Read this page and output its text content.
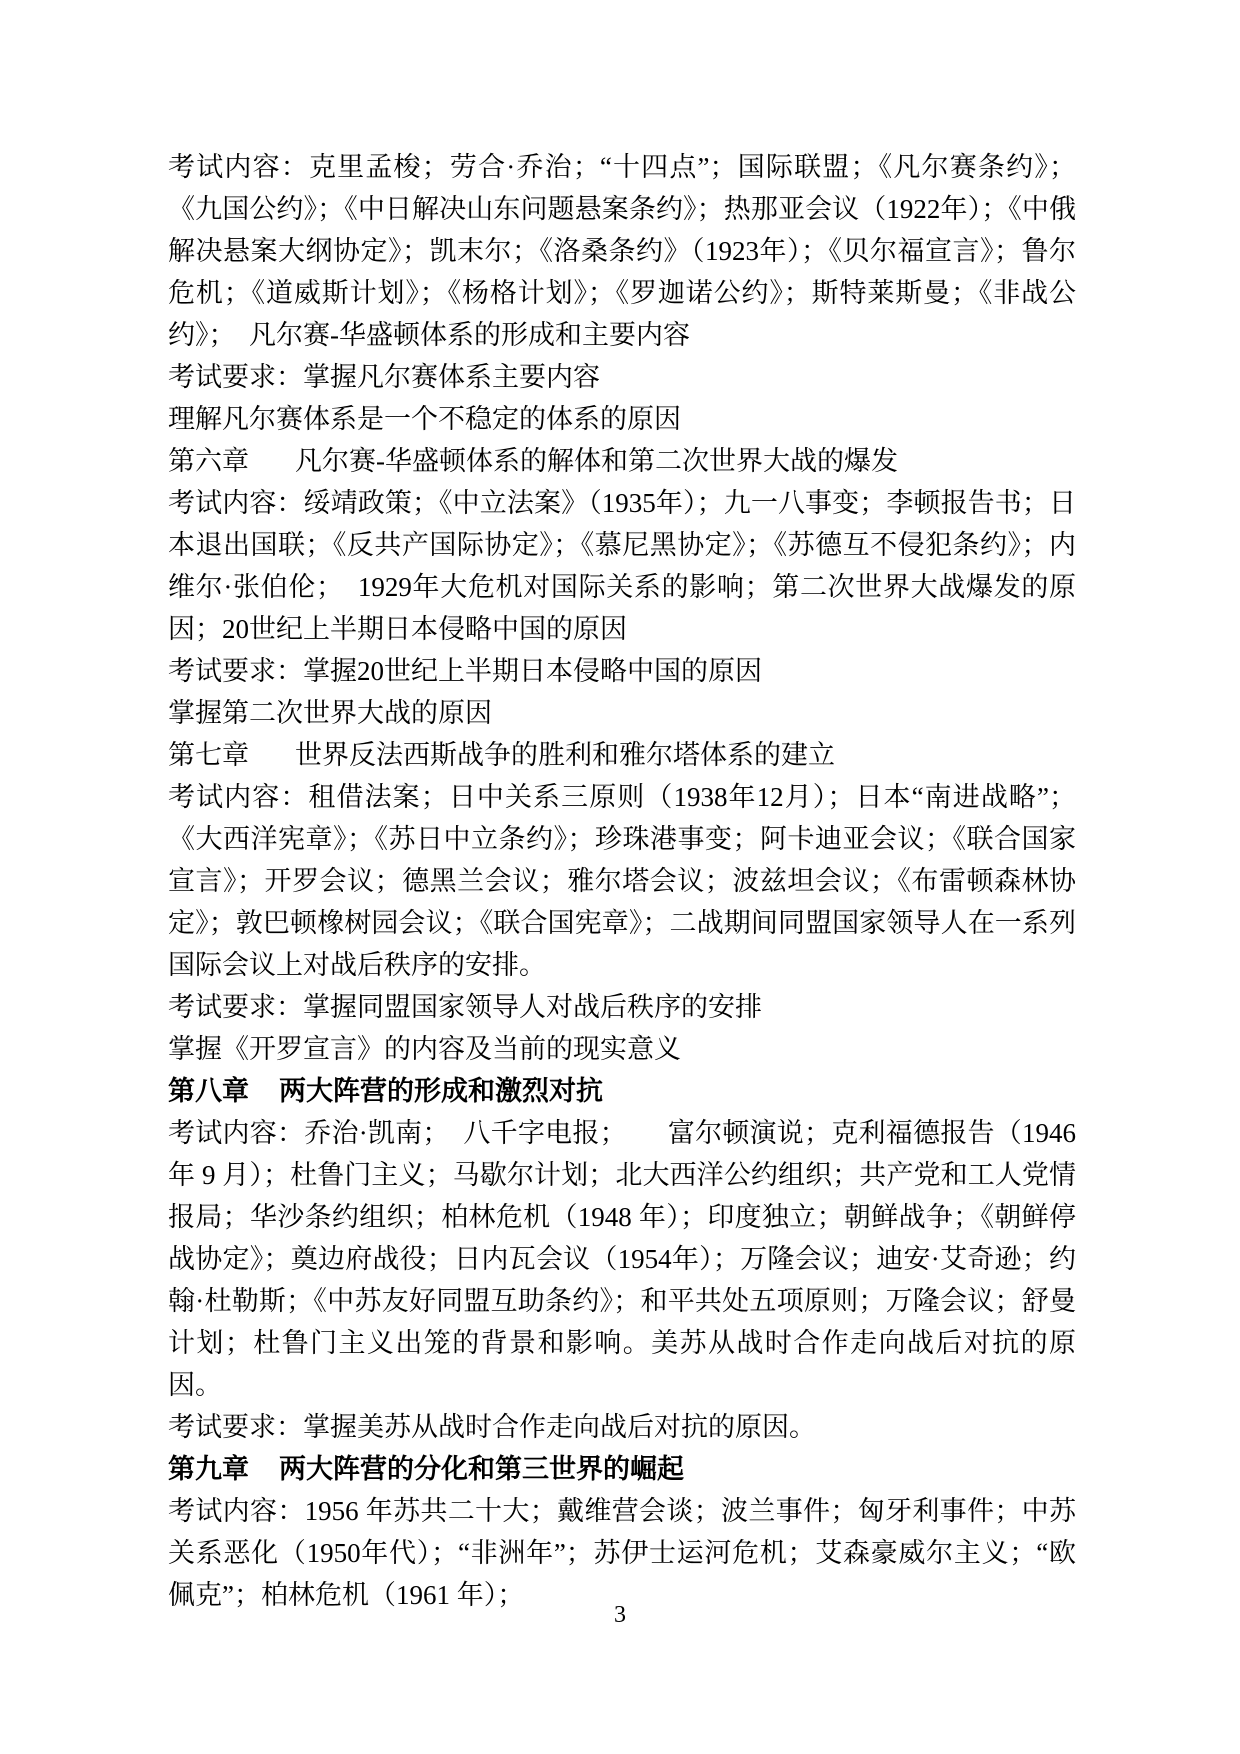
考试内容：克里孟梭；劳合·乔治；“十四点”；国际联盟；《凡尔赛条约》；《九国公约》；《中日解决山东问题悬案条约》；热那亚会议（1922年）；《中俄解决悬案大纲协定》；凯末尔；《洛桑条约》（1923年）；《贝尔福宣言》；鲁尔危机；《道威斯计划》；《杨格计划》；《罗迦诺公约》；斯特莱斯曼；《非战公约》；　凡尔赛-华盛顿体系的形成和主要内容

考试要求：掌握凡尔赛体系主要内容

理解凡尔赛体系是一个不稳定的体系的原因

第六章 凡尔赛-华盛顿体系的解体和第二次世界大战的爆发

考试内容：绥靖政策；《中立法案》（1935年）；九一八事变；李顿报告书；日本退出国联；《反共产国际协定》；《慕尼黑协定》；《苏德互不侵犯条约》；内维尔·张伯伦；　1929年大危机对国际关系的影响；第二次世界大战爆发的原因；20世纪上半期日本侵略中国的原因

考试要求：掌握20世纪上半期日本侵略中国的原因

掌握第二次世界大战的原因

第七章 世界反法西斯战争的胜利和雅尔塔体系的建立

考试内容：租借法案；日中关系三原则（1938年12月）；日本“南进战略”；《大西洋宪章》；《苏日中立条约》；珍珠港事变；阿卡迪亚会议；《联合国家宣言》；开罗会议；德黑兰会议；雅尔塔会议；波兹坦会议；《布雷顿森林协定》；敦巴顿橡树园会议；《联合国宪章》；二战期间同盟国家领导人在一系列国际会议上对战后秩序的安排。

考试要求：掌握同盟国家领导人对战后秩序的安排

掌握《开罗宣言》的内容及当前的现实意义

第八章 两大阵营的形成和激烈对抗

考试内容：乔治·凯南；　八千字电报；　　富尔顿演说；克利福德报告（1946 年 9 月）；杜鲁门主义；马歇尔计划；北大西洋公约组织；共产党和工人党情报局；华沙条约组织；柏林危机（1948 年）；印度独立；朝鲜战争；《朝鲜停战协定》；奠边府战役；日内瓦会议（1954年）；万隆会议；迪安·艾奇逊；约翰·杜勒斯；《中苏友好同盟互助条约》；和平共处五项原则；万隆会议；舒曼计划；杜鲁门主义出笼的背景和影响。美苏从战时合作走向战后对抗的原因。

考试要求：掌握美苏从战时合作走向战后对抗的原因。

第九章 两大阵营的分化和第三世界的崛起

考试内容：1956 年苏共二十大；戴维营会谈；波兰事件；匈牙利事件；中苏关系恶化（1950年代）；“非洲年”；苏伊士运河危机；艾森豪威尔主义；“欧佩克”；柏林危机（1961 年）；

3
